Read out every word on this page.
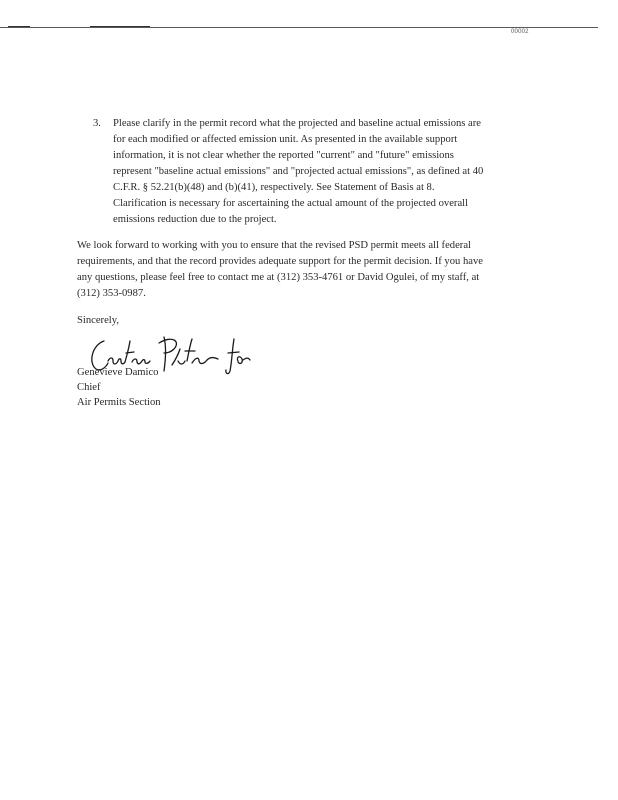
00002
3.	Please clarify in the permit record what the projected and baseline actual emissions are
for each modified or affected emission unit. As presented in the available support
information, it is not clear whether the reported "current" and "future" emissions
represent "baseline actual emissions" and "projected actual emissions", as defined at 40
C.F.R. § 52.21(b)(48) and (b)(41), respectively. See Statement of Basis at 8.
Clarification is necessary for ascertaining the actual amount of the projected overall
emissions reduction due to the project.
We look forward to working with you to ensure that the revised PSD permit meets all federal
requirements, and that the record provides adequate support for the permit decision. If you have
any questions, please feel free to contact me at (312) 353-4761 or David Ogulei, of my staff, at
(312) 353-0987.
Sincerely,
Genevieve Damico
Chief
Air Permits Section
